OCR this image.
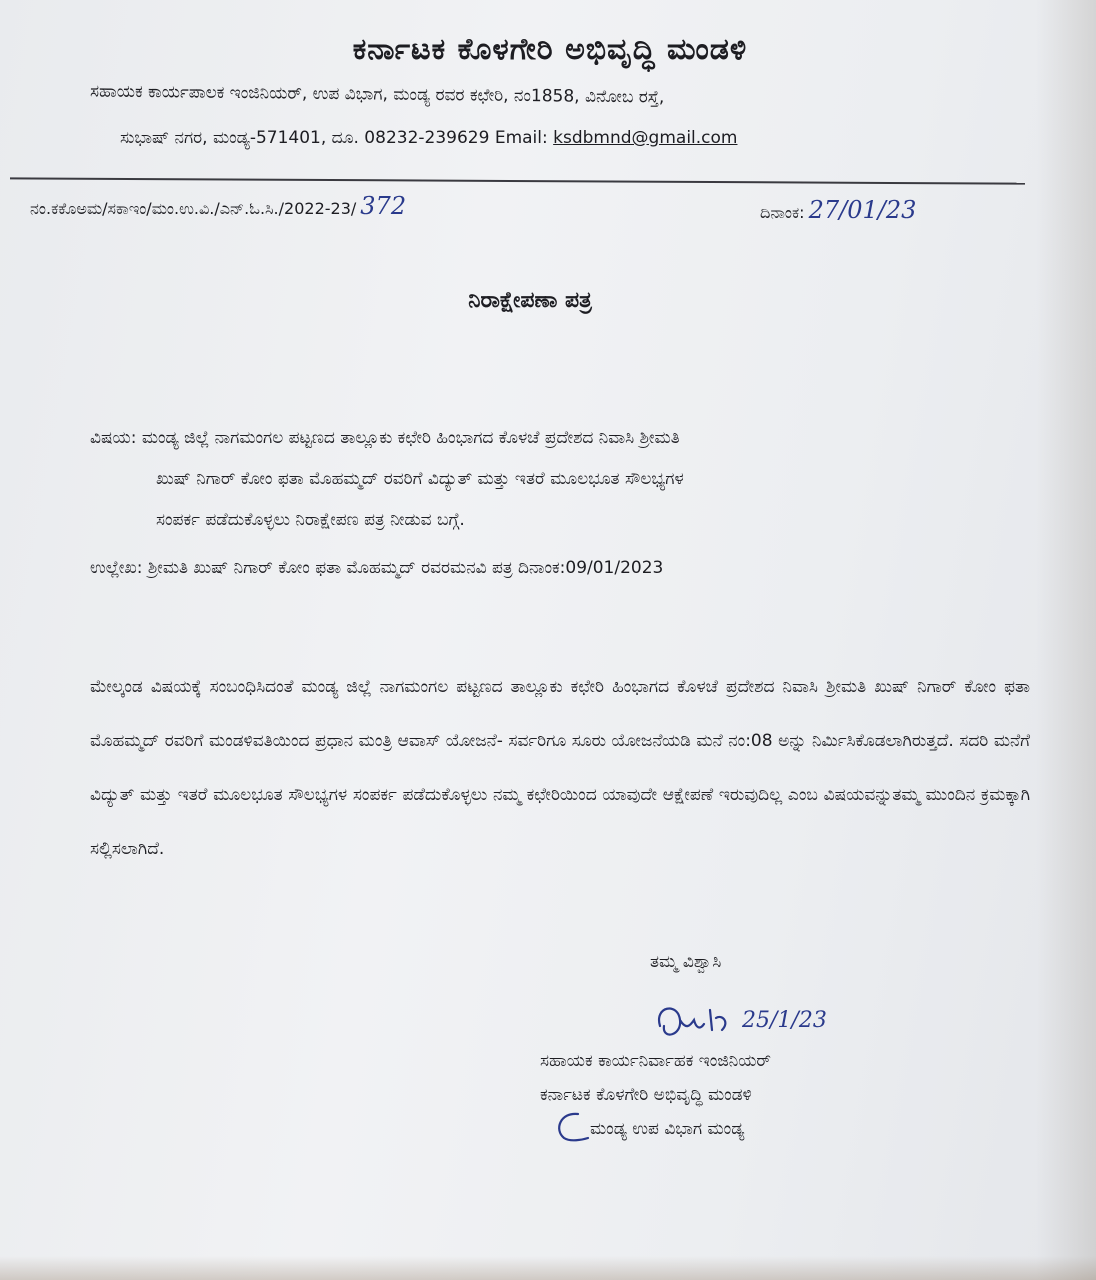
ಕರ್ನಾಟಕ ಕೊಳಗೇರಿ ಅಭಿವೃದ್ಧಿ ಮಂಡಳಿ
ಸಹಾಯಕ ಕಾರ್ಯಪಾಲಕ ಇಂಜಿನಿಯರ್, ಉಪ ವಿಭಾಗ, ಮಂಡ್ಯ ರವರ ಕಛೇರಿ, ನಂ1858, ವಿನೋಬ ರಸ್ತೆ,
ಸುಭಾಷ್ ನಗರ, ಮಂಡ್ಯ-571401, ದೂ. 08232-239629 Email: ksdbmnd@gmail.com
ನಂ.ಕಕೊಅಮ/ಸಕಾಇಂ/ಮಂ.ಉ.ವಿ./ಎನ್.ಓ.ಸಿ./2022-23/ 372	ದಿನಾಂಕ: 27/01/23
ನಿರಾಕ್ಷೇಪಣಾ ಪತ್ರ
ವಿಷಯ: ಮಂಡ್ಯ ಜಿಲ್ಲೆ ನಾಗಮಂಗಲ ಪಟ್ಟಣದ ತಾಲ್ಲೂಕು ಕಛೇರಿ ಹಿಂಭಾಗದ ಕೊಳಚೆ ಪ್ರದೇಶದ ನಿವಾಸಿ ಶ್ರೀಮತಿ
ಖುಷ್ ನಿಗಾರ್ ಕೋಂ ಫತಾ ಮೊಹಮ್ಮದ್ ರವರಿಗೆ ವಿದ್ಯುತ್ ಮತ್ತು ಇತರೆ ಮೂಲಭೂತ ಸೌಲಭ್ಯಗಳ
ಸಂಪರ್ಕ ಪಡೆದುಕೊಳ್ಳಲು ನಿರಾಕ್ಷೇಪಣ ಪತ್ರ ನೀಡುವ ಬಗ್ಗೆ.
ಉಲ್ಲೇಖ: ಶ್ರೀಮತಿ ಖುಷ್ ನಿಗಾರ್ ಕೋಂ ಫತಾ ಮೊಹಮ್ಮದ್ ರವರಮನವಿ ಪತ್ರ ದಿನಾಂಕ:09/01/2023
ಮೇಲ್ಕಂಡ ವಿಷಯಕ್ಕೆ ಸಂಬಂಧಿಸಿದಂತೆ ಮಂಡ್ಯ ಜಿಲ್ಲೆ ನಾಗಮಂಗಲ ಪಟ್ಟಣದ ತಾಲ್ಲೂಕು ಕಛೇರಿ ಹಿಂಭಾಗದ ಕೊಳಚೆ ಪ್ರದೇಶದ ನಿವಾಸಿ ಶ್ರೀಮತಿ ಖುಷ್ ನಿಗಾರ್ ಕೋಂ ಫತಾ ಮೊಹಮ್ಮದ್ ರವರಿಗೆ ಮಂಡಳಿವತಿಯಿಂದ ಪ್ರಧಾನ ಮಂತ್ರಿ ಆವಾಸ್ ಯೋಜನೆ- ಸರ್ವರಿಗೂ ಸೂರು ಯೋಜನೆಯಡಿ ಮನೆ ನಂ:08 ಅನ್ನು ನಿರ್ಮಿಸಿಕೊಡಲಾಗಿರುತ್ತದೆ. ಸದರಿ ಮನೆಗೆ ವಿದ್ಯುತ್ ಮತ್ತು ಇತರೆ ಮೂಲಭೂತ ಸೌಲಭ್ಯಗಳ ಸಂಪರ್ಕ ಪಡೆದುಕೊಳ್ಳಲು ನಮ್ಮ ಕಛೇರಿಯಿಂದ ಯಾವುದೇ ಆಕ್ಷೇಪಣೆ ಇರುವುದಿಲ್ಲ ಎಂಬ ವಿಷಯವನ್ನುತಮ್ಮ ಮುಂದಿನ ಕ್ರಮಕ್ಕಾಗಿ ಸಲ್ಲಿಸಲಾಗಿದೆ.
ತಮ್ಮ ವಿಶ್ವಾಸಿ
25/1/23
ಸಹಾಯಕ ಕಾರ್ಯನಿರ್ವಾಹಕ ಇಂಜಿನಿಯರ್
ಕರ್ನಾಟಕ ಕೊಳಗೇರಿ ಅಭಿವೃದ್ಧಿ ಮಂಡಳಿ
ಮಂಡ್ಯ ಉಪ ವಿಭಾಗ ಮಂಡ್ಯ
